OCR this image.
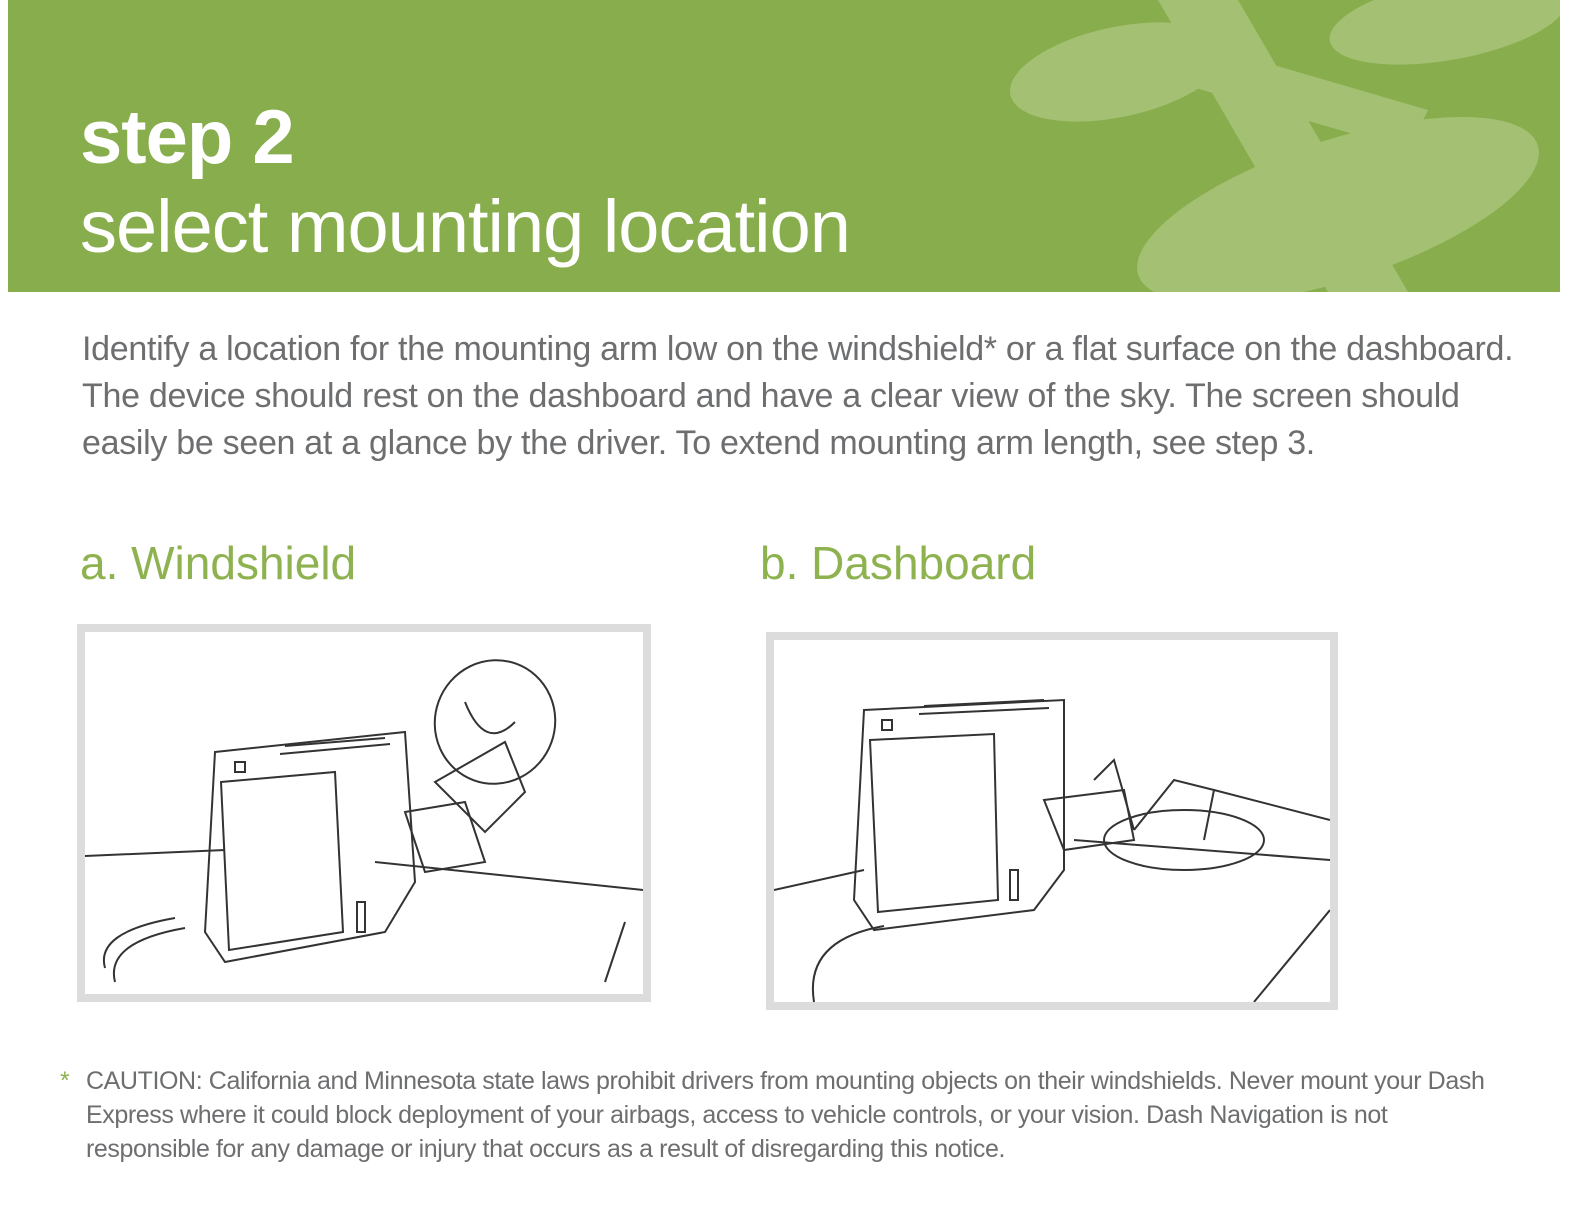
step 2
select mounting location
Identify a location for the mounting arm low on the windshield* or a flat surface on the dashboard. The device should rest on the dashboard and have a clear view of the sky. The screen should easily be seen at a glance by the driver. To extend mounting arm length, see step 3.
a. Windshield	b. Dashboard
* CAUTION: California and Minnesota state laws prohibit drivers from mounting objects on their windshields. Never mount your Dash Express where it could block deployment of your airbags, access to vehicle controls, or your vision. Dash Navigation is not responsible for any damage or injury that occurs as a result of disregarding this notice.
